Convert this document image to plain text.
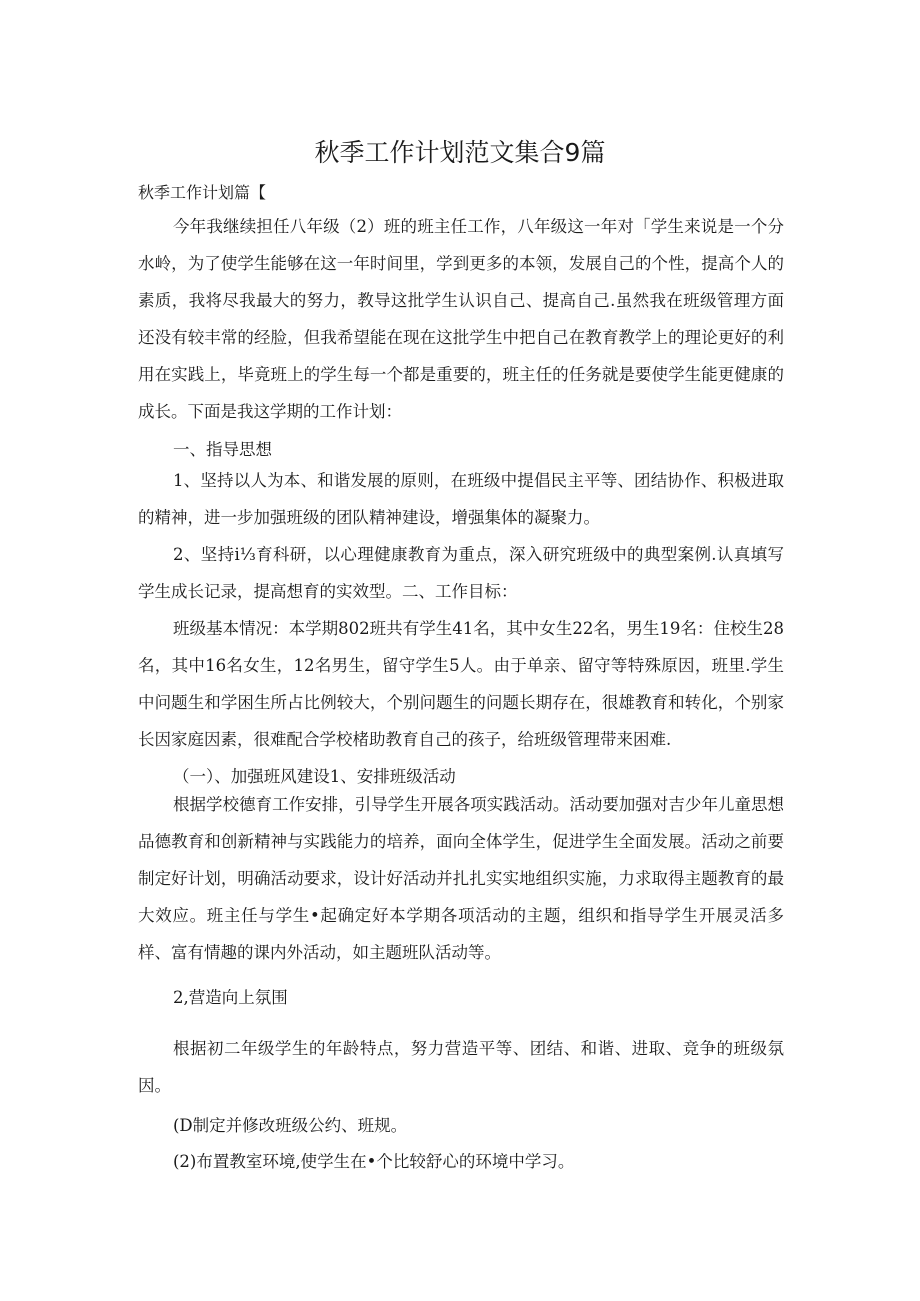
秋季工作计划范文集合9篇
秋季工作计划篇【

今年我继续担任八年级（2）班的班主任工作，八年级这一年对「学生来说是一个分水岭，为了使学生能够在这一年时间里，学到更多的本领，发展自己的个性，提高个人的素质，我将尽我最大的努力，教导这批学生认识自己、提高自己.虽然我在班级管理方面还没有较丰常的经脸，但我希望能在现在这批学生中把自己在教育教学上的理论更好的利用在实践上，毕竟班上的学生每一个都是重要的，班主任的任务就是要使学生能更健康的成长。下面是我这学期的工作计划：

一、指导思想

1、坚持以人为本、和谐发展的原则，在班级中提倡民主平等、团结协作、积极进取的精神，进一步加强班级的团队精神建设，增强集体的凝聚力。

2、坚持i⅓育科研，以心理健康教育为重点，深入研究班级中的典型案例.认真填写学生成长记录，提高想育的实效型。二、工作目标：

班级基本情况：本学期802班共有学生41名，其中女生22名，男生19名：住校生28名，其中16名女生，12名男生，留守学生5人。由于单亲、留守等特殊原因，班里.学生中问题生和学困生所占比例较大，个别问题生的问题长期存在，很雄教育和转化，个别家长因家庭因素，很难配合学校楮助教育自己的孩子，给班级管理带来困难.

（一）、加强班风建设1、安排班级活动

根据学校德育工作安排，引导学生开展各项实践活动。活动要加强对吉少年儿童思想品德教育和创新精神与实践能力的培养，面向全体学生，促进学生全面发展。活动之前要制定好计划，明确活动要求，设计好活动并扎扎实实地组织实施，力求取得主题教育的最大效应。班主任与学生•起确定好本学期各项活动的主题，组织和指导学生开展灵活多样、富有情趣的课内外活动，如主题班队活动等。

2,营造向上氛围

根据初二年级学生的年龄特点，努力营造平等、团结、和谐、进取、竞争的班级氛因。

(D制定并修改班级公约、班规。

(2)布置教室环境,使学生在•个比较舒心的环境中学习。
